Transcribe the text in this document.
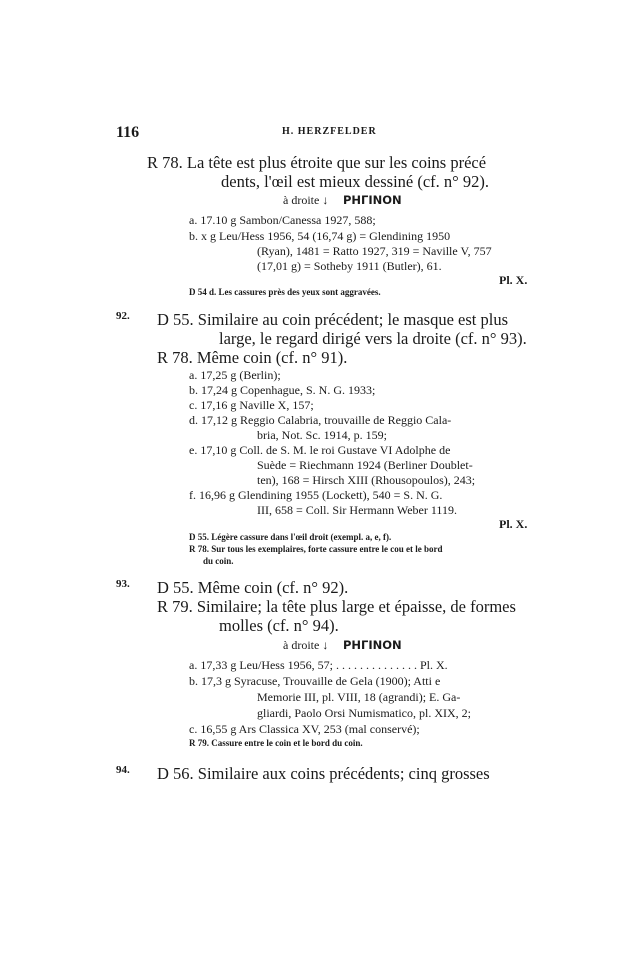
116	H. HERZFELDER
R 78. La tête est plus étroite que sur les coins précé
dents, l'œil est mieux dessiné (cf. n° 92).
à droite ↓ ΡΗΓΙΝΟΝ
a. 17.10 g Sambon/Canessa 1927, 588;
b. x g Leu/Hess 1956, 54 (16,74 g) = Glendining 1950
(Ryan), 1481 = Ratto 1927, 319 = Naville V, 757
(17,01 g) = Sotheby 1911 (Butler), 61.
Pl. X.
D 54 d. Les cassures près des yeux sont aggravées.
92. D 55. Similaire au coin précédent; le masque est plus
large, le regard dirigé vers la droite (cf. n° 93).
R 78. Même coin (cf. n° 91).
a. 17,25 g (Berlin);
b. 17,24 g Copenhague, S. N. G. 1933;
c. 17,16 g Naville X, 157;
d. 17,12 g Reggio Calabria, trouvaille de Reggio Cala-
bria, Not. Sc. 1914, p. 159;
e. 17,10 g Coll. de S. M. le roi Gustave VI Adolphe de
Suède = Riechmann 1924 (Berliner Doublet-
ten), 168 = Hirsch XIII (Rhousopoulos), 243;
f. 16,96 g Glendining 1955 (Lockett), 540 = S. N. G.
III, 658 = Coll. Sir Hermann Weber 1119.
Pl. X.
D 55. Légère cassure dans l'œil droit (exempl. a, e, f).
R 78. Sur tous les exemplaires, forte cassure entre le cou et le bord
du coin.
93. D 55. Même coin (cf. n° 92).
R 79. Similaire; la tête plus large et épaisse, de formes
molles (cf. n° 94).
à droite ↓ ΡΗΓΙΝΟΝ
a. 17,33 g Leu/Hess 1956, 57; . . . . . . . . . . . . . . Pl. X.
b. 17,3 g Syracuse, Trouvaille de Gela (1900); Atti e
Memorie III, pl. VIII, 18 (agrandi); E. Ga-
gliardi, Paolo Orsi Numismatico, pl. XIX, 2;
c. 16,55 g Ars Classica XV, 253 (mal conservé);
R 79. Cassure entre le coin et le bord du coin.
94. D 56. Similaire aux coins précédents; cinq grosses
